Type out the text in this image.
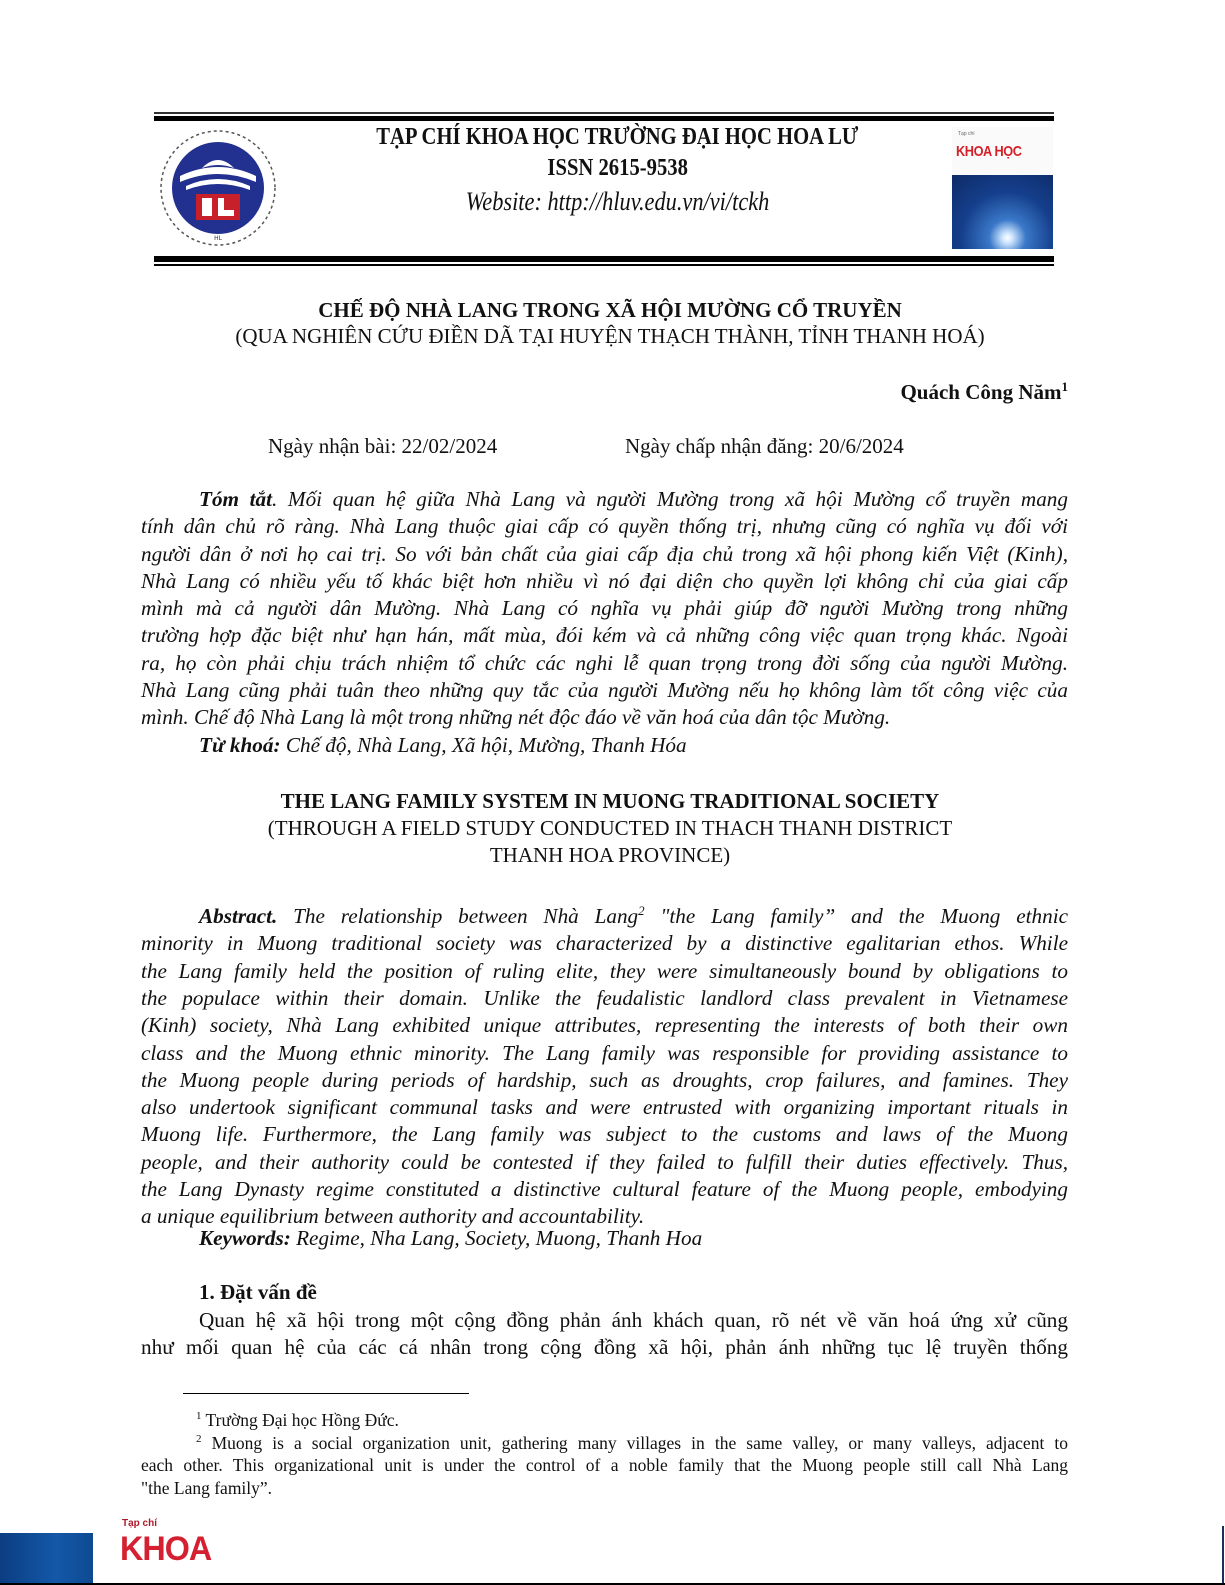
HL
TẠP CHÍ KHOA HỌC TRƯỜNG ĐẠI HỌC HOA LƯ
ISSN 2615-9538
Website: http://hluv.edu.vn/vi/tckh
Tạp chí
KHOA HỌC
CHẾ ĐỘ NHÀ LANG TRONG XÃ HỘI MƯỜNG CỔ TRUYỀN
(QUA NGHIÊN CỨU ĐIỀN DÃ TẠI HUYỆN THẠCH THÀNH, TỈNH THANH HOÁ)
Quách Công Năm$^1$
Ngày nhận bài: 22/02/2024	Ngày chấp nhận đăng: 20/6/2024
Tóm tắt. Mối quan hệ giữa Nhà Lang và người Mường trong xã hội Mường cổ truyền mang
tính dân chủ rõ ràng. Nhà Lang thuộc giai cấp có quyền thống trị, nhưng cũng có nghĩa vụ đối với
người dân ở nơi họ cai trị. So với bản chất của giai cấp địa chủ trong xã hội phong kiến Việt (Kinh),
Nhà Lang có nhiều yếu tố khác biệt hơn nhiều vì nó đại diện cho quyền lợi không chỉ của giai cấp
mình mà cả người dân Mường. Nhà Lang có nghĩa vụ phải giúp đỡ người Mường trong những
trường hợp đặc biệt như hạn hán, mất mùa, đói kém và cả những công việc quan trọng khác. Ngoài
ra, họ còn phải chịu trách nhiệm tổ chức các nghi lễ quan trọng trong đời sống của người Mường.
Nhà Lang cũng phải tuân theo những quy tắc của người Mường nếu họ không làm tốt công việc của
mình. Chế độ Nhà Lang là một trong những nét độc đáo về văn hoá của dân tộc Mường.
Từ khoá: Chế độ, Nhà Lang, Xã hội, Mường, Thanh Hóa
THE LANG FAMILY SYSTEM IN MUONG TRADITIONAL SOCIETY
(THROUGH A FIELD STUDY CONDUCTED IN THACH THANH DISTRICT
THANH HOA PROVINCE)
Abstract. The relationship between Nhà Lang$^2$ "the Lang family” and the Muong ethnic
minority in Muong traditional society was characterized by a distinctive egalitarian ethos. While
the Lang family held the position of ruling elite, they were simultaneously bound by obligations to
the populace within their domain. Unlike the feudalistic landlord class prevalent in Vietnamese
(Kinh) society, Nhà Lang exhibited unique attributes, representing the interests of both their own
class and the Muong ethnic minority. The Lang family was responsible for providing assistance to
the Muong people during periods of hardship, such as droughts, crop failures, and famines. They
also undertook significant communal tasks and were entrusted with organizing important rituals in
Muong life. Furthermore, the Lang family was subject to the customs and laws of the Muong
people, and their authority could be contested if they failed to fulfill their duties effectively. Thus,
the Lang Dynasty regime constituted a distinctive cultural feature of the Muong people, embodying
a unique equilibrium between authority and accountability.
Keywords: Regime, Nha Lang, Society, Muong, Thanh Hoa
1. Đặt vấn đề
Quan hệ xã hội trong một cộng đồng phản ánh khách quan, rõ nét về văn hoá ứng xử cũng
như mối quan hệ của các cá nhân trong cộng đồng xã hội, phản ánh những tục lệ truyền thống
$^1$ Trường Đại học Hồng Đức.
$^2$ Muong is a social organization unit, gathering many villages in the same valley, or many valleys, adjacent to
each other. This organizational unit is under the control of a noble family that the Muong people still call Nhà Lang
"the Lang family”.
Tạp chí
KHOA
